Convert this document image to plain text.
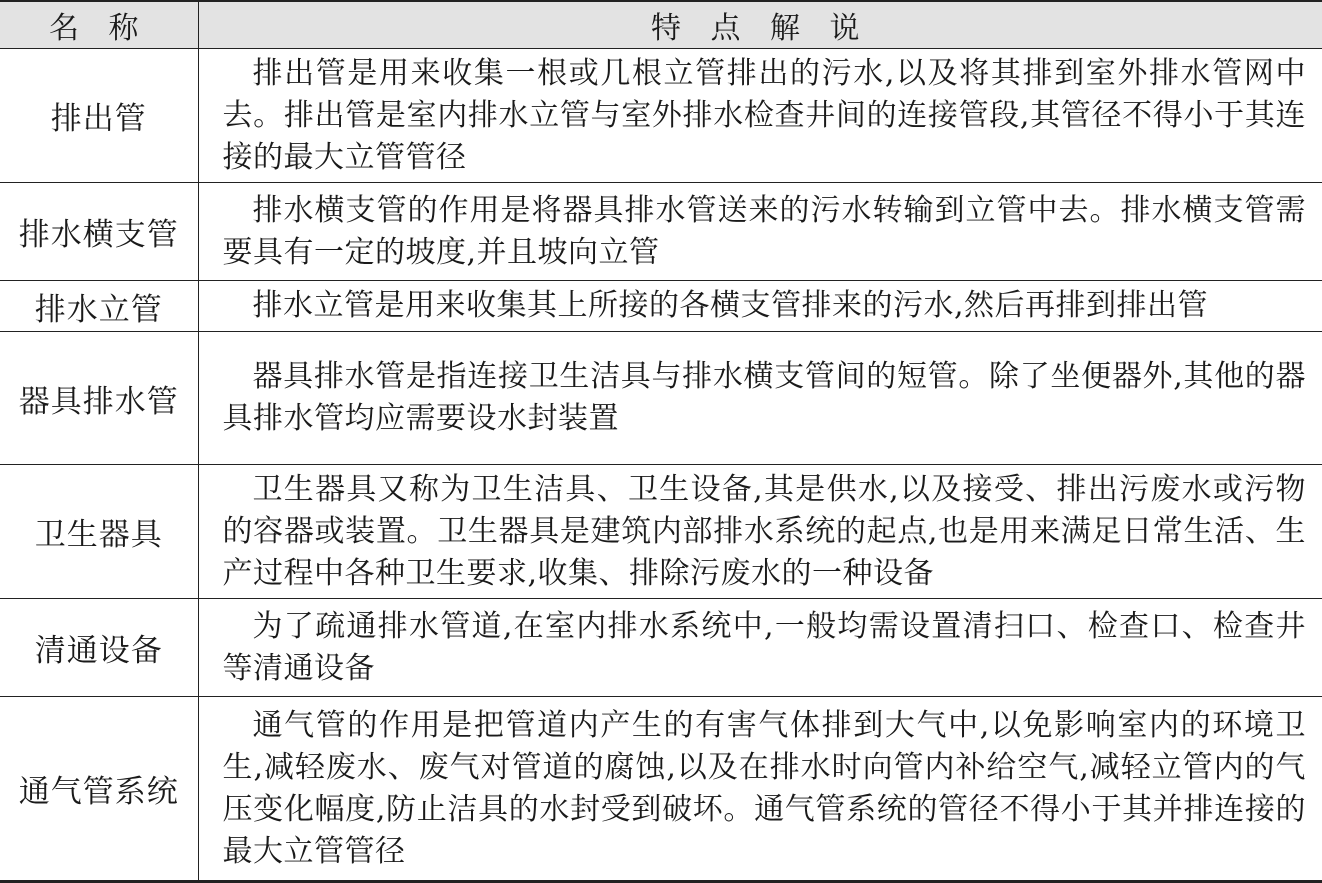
名 称	特 点 解 说
排出管	排出管是用来收集一根或几根立管排出的污水,以及将其排到室外排水管网中去。排出管是室内排水立管与室外排水检查井间的连接管段,其管径不得小于其连接的最大立管管径
排水横支管	排水横支管的作用是将器具排水管送来的污水转输到立管中去。排水横支管需要具有一定的坡度,并且坡向立管
排水立管	排水立管是用来收集其上所接的各横支管排来的污水,然后再排到排出管
器具排水管	器具排水管是指连接卫生洁具与排水横支管间的短管。除了坐便器外,其他的器具排水管均应需要设水封装置
卫生器具	卫生器具又称为卫生洁具、卫生设备,其是供水,以及接受、排出污废水或污物的容器或装置。卫生器具是建筑内部排水系统的起点,也是用来满足日常生活、生产过程中各种卫生要求,收集、排除污废水的一种设备
清通设备	为了疏通排水管道,在室内排水系统中,一般均需设置清扫口、检查口、检查井等清通设备
通气管系统	通气管的作用是把管道内产生的有害气体排到大气中,以免影响室内的环境卫生,减轻废水、废气对管道的腐蚀,以及在排水时向管内补给空气,减轻立管内的气压变化幅度,防止洁具的水封受到破坏。通气管系统的管径不得小于其并排连接的最大立管管径
